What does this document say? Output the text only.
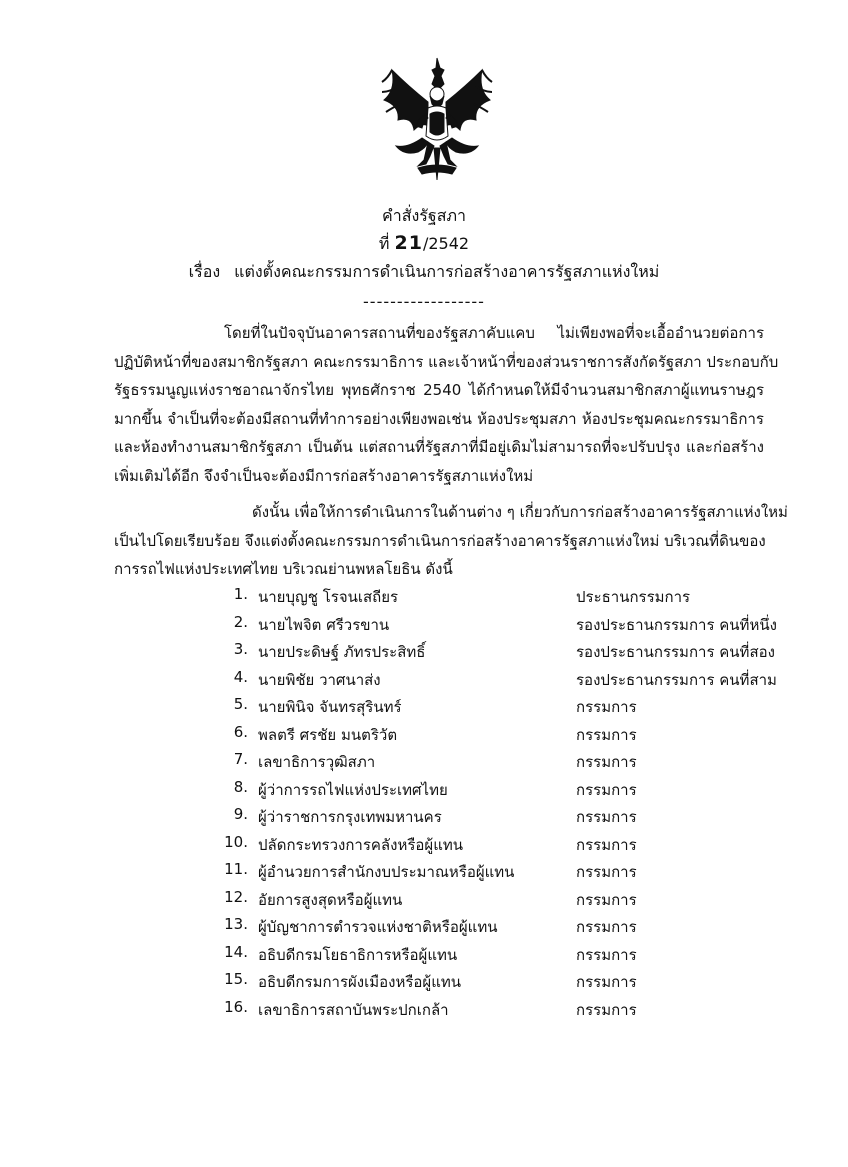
คำสั่งรัฐสภา
ที่ 21/2542
เรื่อง แต่งตั้งคณะกรรมการดำเนินการก่อสร้างอาคารรัฐสภาแห่งใหม่
------------------
โดยที่ในปัจจุบันอาคารสถานที่ของรัฐสภาคับแคบ ไม่เพียงพอที่จะเอื้ออำนวยต่อการ
ปฏิบัติหน้าที่ของสมาชิกรัฐสภา คณะกรรมาธิการ และเจ้าหน้าที่ของส่วนราชการสังกัดรัฐสภา ประกอบกับ
รัฐธรรมนูญแห่งราชอาณาจักรไทย พุทธศักราช 2540 ได้กำหนดให้มีจำนวนสมาชิกสภาผู้แทนราษฎร
มากขึ้น จำเป็นที่จะต้องมีสถานที่ทำการอย่างเพียงพอเช่น ห้องประชุมสภา ห้องประชุมคณะกรรมาธิการ
และห้องทำงานสมาชิกรัฐสภา เป็นต้น แต่สถานที่รัฐสภาที่มีอยู่เดิมไม่สามารถที่จะปรับปรุง และก่อสร้าง
เพิ่มเติมได้อีก จึงจำเป็นจะต้องมีการก่อสร้างอาคารรัฐสภาแห่งใหม่
ดังนั้น เพื่อให้การดำเนินการในด้านต่าง ๆ เกี่ยวกับการก่อสร้างอาคารรัฐสภาแห่งใหม่
เป็นไปโดยเรียบร้อย จึงแต่งตั้งคณะกรรมการดำเนินการก่อสร้างอาคารรัฐสภาแห่งใหม่ บริเวณที่ดินของ
การรถไฟแห่งประเทศไทย บริเวณย่านพหลโยธิน ดังนี้
1. นายบุญชู โรจนเสถียร	ประธานกรรมการ
2. นายไพจิต ศรีวรขาน	รองประธานกรรมการ คนที่หนึ่ง
3. นายประดิษฐ์ ภัทรประสิทธิ์	รองประธานกรรมการ คนที่สอง
4. นายพิชัย วาศนาส่ง	รองประธานกรรมการ คนที่สาม
5. นายพินิจ จันทรสุรินทร์	กรรมการ
6. พลตรี ศรชัย มนตริวัต	กรรมการ
7. เลขาธิการวุฒิสภา	กรรมการ
8. ผู้ว่าการรถไฟแห่งประเทศไทย	กรรมการ
9. ผู้ว่าราชการกรุงเทพมหานคร	กรรมการ
10. ปลัดกระทรวงการคลังหรือผู้แทน	กรรมการ
11. ผู้อำนวยการสำนักงบประมาณหรือผู้แทน	กรรมการ
12. อัยการสูงสุดหรือผู้แทน	กรรมการ
13. ผู้บัญชาการตำรวจแห่งชาติหรือผู้แทน	กรรมการ
14. อธิบดีกรมโยธาธิการหรือผู้แทน	กรรมการ
15. อธิบดีกรมการผังเมืองหรือผู้แทน	กรรมการ
16. เลขาธิการสถาบันพระปกเกล้า	กรรมการ
